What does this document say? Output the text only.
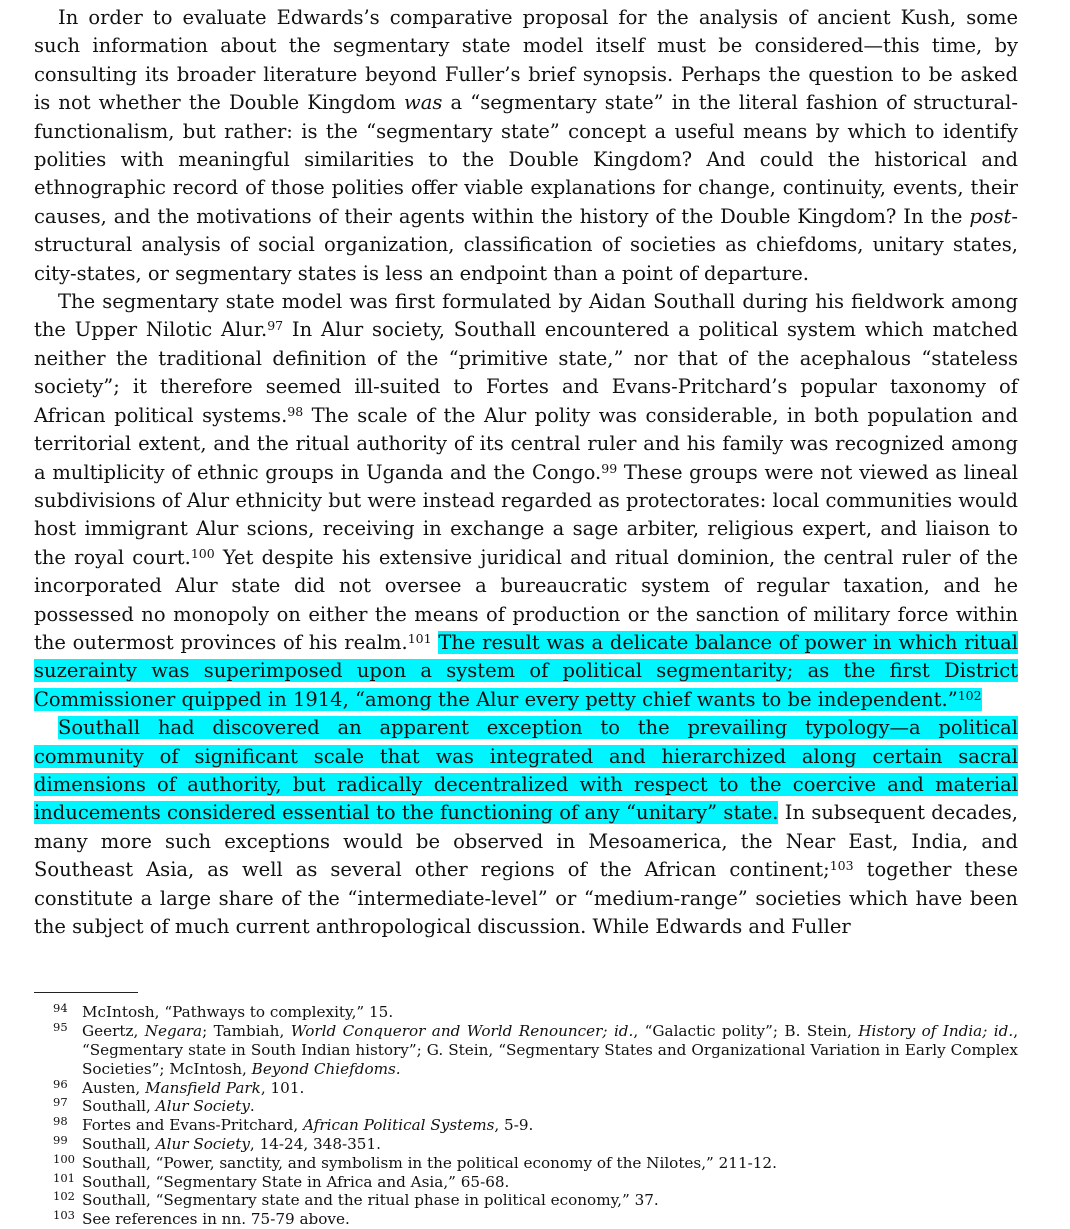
In order to evaluate Edwards’s comparative proposal for the analysis of ancient Kush, some such information about the segmentary state model itself must be considered—this time, by consulting its broader literature beyond Fuller’s brief synopsis. Perhaps the question to be asked is not whether the Double Kingdom was a “segmentary state” in the literal fashion of structural-functionalism, but rather: is the “segmentary state” concept a useful means by which to identify polities with meaningful similarities to the Double Kingdom? And could the historical and ethnographic record of those polities offer viable explanations for change, continuity, events, their causes, and the motivations of their agents within the history of the Double Kingdom? In the post-structural analysis of social organization, classification of societies as chiefdoms, unitary states, city-states, or segmentary states is less an endpoint than a point of departure.

The segmentary state model was first formulated by Aidan Southall during his fieldwork among the Upper Nilotic Alur.$^{97}$ In Alur society, Southall encountered a political system which matched neither the traditional definition of the “primitive state,” nor that of the acephalous “stateless society”; it therefore seemed ill-suited to Fortes and Evans-Pritchard’s popular taxonomy of African political systems.$^{98}$ The scale of the Alur polity was considerable, in both population and territorial extent, and the ritual authority of its central ruler and his family was recognized among a multiplicity of ethnic groups in Uganda and the Congo.$^{99}$ These groups were not viewed as lineal subdivisions of Alur ethnicity but were instead regarded as protectorates: local communities would host immigrant Alur scions, receiving in exchange a sage arbiter, religious expert, and liaison to the royal court.$^{100}$ Yet despite his extensive juridical and ritual dominion, the central ruler of the incorporated Alur state did not oversee a bureaucratic system of regular taxation, and he possessed no monopoly on either the means of production or the sanction of military force within the outermost provinces of his realm.$^{101}$ The result was a delicate balance of power in which ritual suzerainty was superimposed upon a system of political segmentarity; as the first District Commissioner quipped in 1914, “among the Alur every petty chief wants to be independent.”$^{102}$

Southall had discovered an apparent exception to the prevailing typology—a political community of significant scale that was integrated and hierarchized along certain sacral dimensions of authority, but radically decentralized with respect to the coercive and material inducements considered essential to the functioning of any “unitary” state. In subsequent decades, many more such exceptions would be observed in Mesoamerica, the Near East, India, and Southeast Asia, as well as several other regions of the African continent;$^{103}$ together these constitute a large share of the “intermediate-level” or “medium-range” societies which have been the subject of much current anthropological discussion. While Edwards and Fuller

94 McIntosh, “Pathways to complexity,” 15.
95 Geertz, Negara; Tambiah, World Conqueror and World Renouncer; id., “Galactic polity”; B. Stein, History of India; id., “Segmentary state in South Indian history”; G. Stein, “Segmentary States and Organizational Variation in Early Complex Societies”; McIntosh, Beyond Chiefdoms.
96 Austen, Mansfield Park, 101.
97 Southall, Alur Society.
98 Fortes and Evans-Pritchard, African Political Systems, 5-9.
99 Southall, Alur Society, 14-24, 348-351.
100 Southall, “Power, sanctity, and symbolism in the political economy of the Nilotes,” 211-12.
101 Southall, “Segmentary State in Africa and Asia,” 65-68.
102 Southall, “Segmentary state and the ritual phase in political economy,” 37.
103 See references in nn. 75-79 above.
